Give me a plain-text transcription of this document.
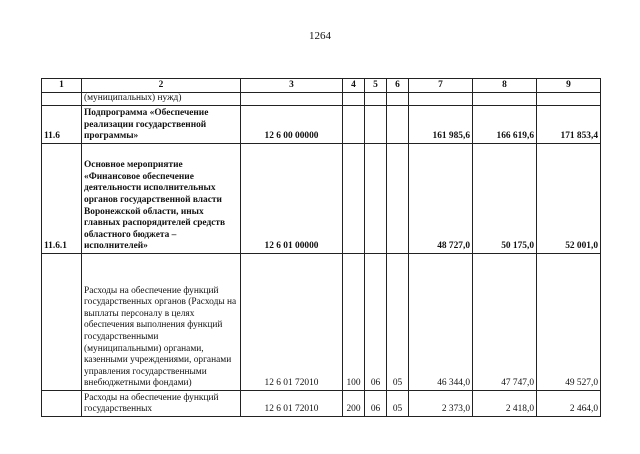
1264
1	2	3	4	5	6	7	8	9
	(муниципальных) нужд)							
11.6	Подпрограмма «Обеспечение реализации государственной программы»	12 6 00 00000				161 985,6	166 619,6	171 853,4
11.6.1	Основное мероприятие «Финансовое обеспечение деятельности исполнительных органов государственной власти Воронежской области, иных главных распорядителей средств областного бюджета – исполнителей»	12 6 01 00000				48 727,0	50 175,0	52 001,0
	Расходы на обеспечение функций государственных органов (Расходы на выплаты персоналу в целях обеспечения выполнения функций государственными (муниципальными) органами, казенными учреждениями, органами управления государственными внебюджетными фондами)	12 6 01 72010	100	06	05	46 344,0	47 747,0	49 527,0
	Расходы на обеспечение функций государственных	12 6 01 72010	200	06	05	2 373,0	2 418,0	2 464,0
